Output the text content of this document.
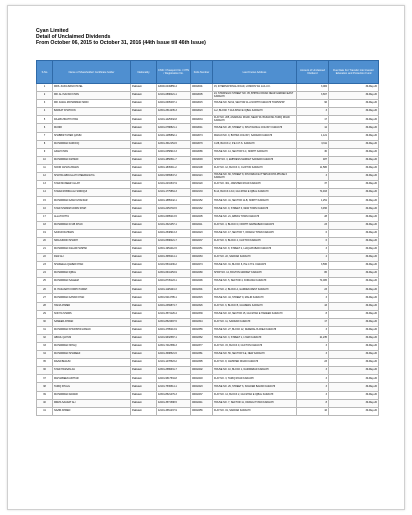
Cyan Limited
Detail of Unclaimed Dividends
From October 06, 2015 to October 31, 2016 (44th Issue till 46th Issue)
S.No	Name of Shareholder/ Certificate holder	Nationality	CNIC / Passport No. / NTN / Registration No.	Folio Number	Last Known Address	Amount of Unclaimed Dividend	Due Date For Transfer into Investor Education and Protection Fund
1	MRS. ZAKIA BANO PATEL	Pakistani	42000-0449856-4	00002001	15, INTERNATIONAL ROAD, LONDON W1 1AA U.K.	3,084	30-May-20
2	MR. ALI SAYADI KHAN	Pakistani	42101-0898421-1	00002005	24, STRATEGIC STREET NO. 05, BHITRAI ROAD NEAR GARDEN EAST KARACHI	3,667	30-May-20
3	MR. FAZAL MOHAMMAD SIDDI	Pakistani	42201-0605497-1	00002015	HOUSE NO. 52/12, SECTOR 11-A NORTH KARACHI TOWNSHIP	96	30-May-20
4	BARKAT KHATOON	Pakistani	42301-2514235-3	00002023	A-2, BLOCK 7 GULSHAN E IQBAL KARACHI	3	30-May-20
5	RAJAB ZINATH KHAN	Pakistani	42101-1425332-8	00002034	FLAT NO. 205, ANARKALI ROAD, NEAR TAJ BUILDING TARIQ ROAD KARACHI	17	30-May-20
6	MUNIR	Pakistani	42201-0788821-1	00002041	HOUSE NO. 28, STREET 4, SHAH FAISAL COLONY KARACHI	12	30-May-20
7	SHABBIR TAHER QASIM	Pakistani	42101-1285862-1	00002074	MAKAN NO. 9, BOHRA COLONY, SADDAR KARACHI	1,121	30-May-20
8	MUHAMMAD FAROOQ	Pakistani	42301-3612154-5	00002079	C-88, BLOCK 2, P.E.C.H.S. KARACHI	3,311	30-May-20
9	AZAM KHAN	Pakistani	42401-0358913-3	00002086	HOUSE NO. 14, SECTOR 5-C, NORTH KARACHI	30	30-May-20
10	MUHAMMAD ASHRAF	Pakistani	42101-4850511-7	00002093	SHOP NO. 3, EMPRESS MARKET SADDAR KARACHI	487	30-May-20
11	NOOR JAHAN ZAMAN	Pakistani	42301-1845311-2	00002108	FLAT NO. 12, BLOCK C, CLIFTON KARACHI	11,586	30-May-20
12	SHAYRA ABDULLAH CHEEMANAIYA	Pakistani	42201-5665847-2	00002113	HOUSE NO. 66, STREET 8, KHAYABAN E ITTEHAD DHA PHASE 6 KARACHI	3	30-May-20
13	SYED MUNEER ULLAH	Pakistani	42101-2231547-9	00002120	FLAT NO. 301, JAMSHED ROAD KARACHI	37	30-May-20
14	SYEDA ROBINA ALI SIDDIQUI	Pakistani	42101-1775864-3	00002133	B-14, BLOCK 13-D, GULSHAN E IQBAL KARACHI	74,463	30-May-20
15	MUHAMMAD AZAM GHAFFAR	Pakistani	42201-1885442-1	00002152	HOUSE NO. 41, SECTOR 11-B, NORTH KARACHI	1,251	30-May-20
16	SYED SHAMIM UDDIN SHAH	Pakistani	42101-2254718-5	00002162	HOUSE NO. 9, STREET 3, NEW TOWN KARACHI	3,456	30-May-20
17	ALLAH DITTA	Pakistani	42301-6685213-5	00002205	HOUSE NO. 21, ABBAS TOWN KARACHI	28	30-May-20
18	MUHAMMAD AYUB KHAN	Pakistani	42101-3321457-1	00002211	FLAT NO. 4, BLOCK D, NORTH NAZIMABAD KARACHI	23	30-May-20
19	SAIFUR RAHMAN	Pakistani	42201-2548913-3	00002223	HOUSE NO. 17, SECTOR 7, ORANGI TOWN KARACHI	6	30-May-20
20	SIRAJUDDIN SHAIKH	Pakistani	42101-6598421-7	00002237	FLAT NO. 9, BLOCK 4, CLIFTON KARACHI	6	30-May-20
21	MUHAMMAD ASLAM HASHMI	Pakistani	42301-1954412-5	00002251	HOUSE NO. 8, STREET 2, LIAQUATABAD KARACHI	3	30-May-20
22	RIAZ ALI	Pakistani	42201-3665214-1	00002263	FLAT NO. 22, SADDAR KARACHI	4	30-May-20
23	SHAKEELA QAMER KHAN	Pakistani	42101-5541236-2	00002274	HOUSE NO. 31, BLOCK 6, P.E.C.H.S. KARACHI	3,595	30-May-20
24	MUHAMMAD IQBAL	Pakistani	42301-6641253-9	00002280	SHOP NO. 12, BOLTON MARKET KARACHI	86	30-May-20
25	MUHAMMAD SALEEM	Pakistani	42201-8745123-1	00002296	HOUSE NO. 5, SECTOR 4, KORANGI KARACHI	74,005	30-May-20
26	M. HASANAH KOMPO TAMAH	Pakistani	42101-1125443-3	00002301	FLAT NO. 2, BLOCK A, GARDEN WEST KARACHI	23	30-May-20
27	MUHAMMAD AZHAR KHAN	Pakistani	42301-5214785-1	00002315	HOUSE NO. 44, STREET 9, MALIR KARACHI	3	30-May-20
28	HAFIZ AHMED	Pakistani	42201-2369874-7	00002326	FLAT NO. 6, BLOCK B, GULBERG KARACHI	43	30-May-20
29	SOFIYA SHAMS	Pakistani	42101-3574126-4	00002339	HOUSE NO. 18, SECTOR 15, GULSHAN E HADEED KARACHI	8	30-May-20
30	SAMEER AHMAD	Pakistani	42301-8524697-5	00002344	FLAT NO. 11, SADDAR KARACHI	17	30-May-20
31	MUHAMMAD KHURSHID ZAMAN	Pakistani	42201-4785213-9	00002356	HOUSE NO. 27, BLOCK 12, FEDERAL B AREA KARACHI	3	30-May-20
32	ABDUL QAYUM	Pakistani	42101-9632587-1	00002362	HOUSE NO. 3, STREET 1, LYARI KARACHI	21,235	30-May-20
33	MUHAMMAD ISHAQ	Pakistani	42301-7412589-3	00002377	FLAT NO. 15, BLOCK 9, CLIFTON KARACHI	3	30-May-20
34	MUHAMMAD SHAREEF	Pakistani	42201-3698521-5	00002381	HOUSE NO. 56, SECTOR 5-E, NEW KARACHI	3	30-May-20
35	RAZIA BEGUM	Pakistani	42101-1478523-2	00002395	FLAT NO. 8, JAMSHED ROAD KARACHI	23	30-May-20
36	SYED HASSAN ALI	Pakistani	42301-2589631-7	00002402	HOUSE NO. 10, BLOCK 1, NAZIMABAD KARACHI	3	30-May-20
37	MAHJABEEN AKHTAR	Pakistani	42201-9517534-8	00002418	FLAT NO. 3, TARIQ ROAD KARACHI	3	30-May-20
38	TARIQ KHALIL	Pakistani	42101-7539514-1	00002423	HOUSE NO. 29, STREET 6, SOLDIER BAZAR KARACHI	3	30-May-20
39	MUHAMMAD ANWAR	Pakistani	42301-8521479-3	00002437	FLAT NO. 14, BLOCK 2, GULSHAN E IQBAL KARACHI	3	30-May-20
40	MIRZA SAADAT ALI	Pakistani	42201-3571598-5	00002441	HOUSE NO. 7, SECTOR 11, ORANGI TOWN KARACHI	8	30-May-20
41	NAZIR AHMED	Pakistani	42101-4561237-9	00002456	FLAT NO. 19, SADDAR KARACHI	16	30-May-20
